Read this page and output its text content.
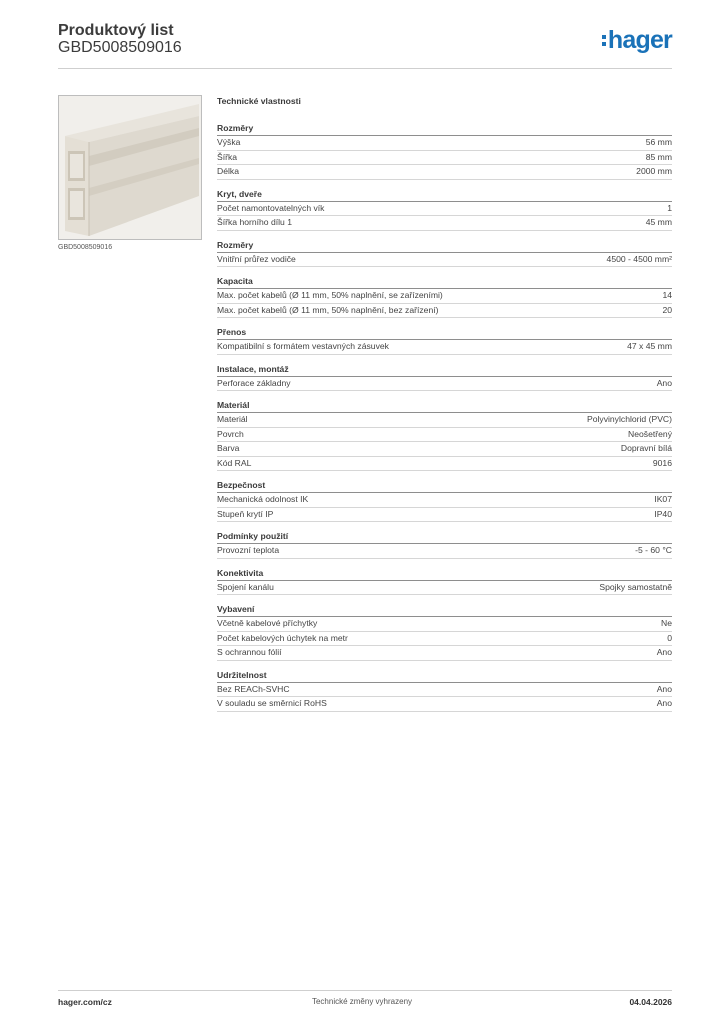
Produktový list
GBD5008509016	hager
GBD5008509016
Technické vlastnosti
Rozměry
Výška	56 mm
Šířka	85 mm
Délka	2000 mm
Kryt, dveře
Počet namontovatelných vík	1
Šířka horního dílu 1	45 mm
Rozměry
Vnitřní průřez vodiče	4500 - 4500 mm²
Kapacita
Max. počet kabelů (Ø 11 mm, 50% naplnění, se zařízeními)	14
Max. počet kabelů (Ø 11 mm, 50% naplnění, bez zařízení)	20
Přenos
Kompatibilní s formátem vestavných zásuvek	47 x 45 mm
Instalace, montáž
Perforace základny	Ano
Materiál
Materiál	Polyvinylchlorid (PVC)
Povrch	Neošetřený
Barva	Dopravní bílá
Kód RAL	9016
Bezpečnost
Mechanická odolnost IK	IK07
Stupeň krytí IP	IP40
Podmínky použití
Provozní teplota	-5 - 60 °C
Konektivita
Spojení kanálu	Spojky samostatně
Vybavení
Včetně kabelové příchytky	Ne
Počet kabelových úchytek na metr	0
S ochrannou fólií	Ano
Udržitelnost
Bez REACh-SVHC	Ano
V souladu se směrnicí RoHS	Ano
hager.com/cz	Technické změny vyhrazeny	04.04.2026
